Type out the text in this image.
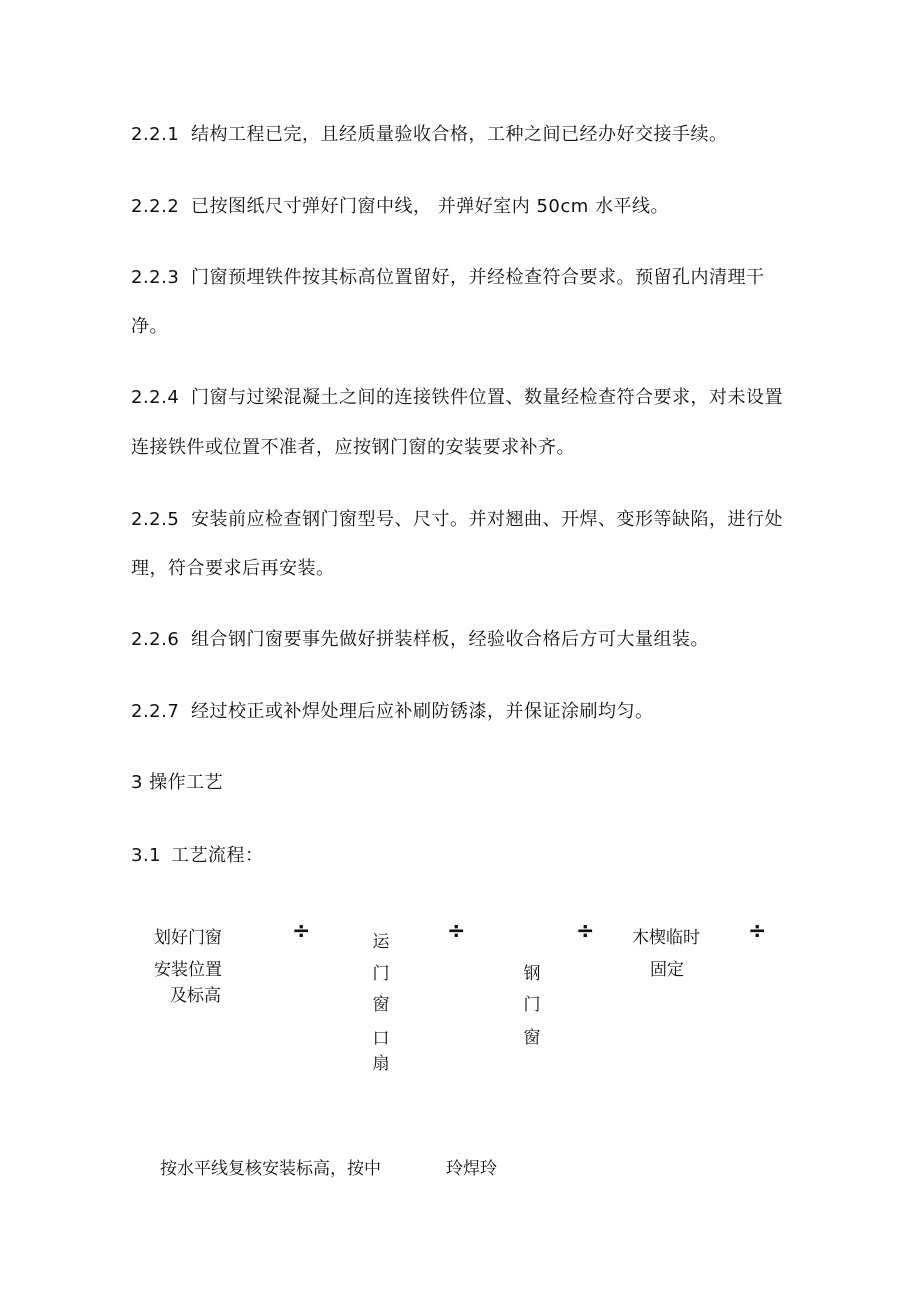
2.2.1 结构工程已完，且经质量验收合格，工种之间已经办好交接手续。
2.2.2 已按图纸尺寸弹好门窗中线， 并弹好室内 50cm 水平线。
2.2.3 门窗预埋铁件按其标高位置留好，并经检查符合要求。预留孔内清理干
净。
2.2.4 门窗与过梁混凝土之间的连接铁件位置、数量经检查符合要求，对未设置
连接铁件或位置不准者，应按钢门窗的安装要求补齐。
2.2.5 安装前应检查钢门窗型号、尺寸。并对翘曲、开焊、变形等缺陷，进行处
理，符合要求后再安装。
2.2.6 组合钢门窗要事先做好拼装样板，经验收合格后方可大量组装。
2.2.7 经过校正或补焊处理后应补刷防锈漆，并保证涂刷均匀。
3 操作工艺
3.1 工艺流程：
划好门窗
安装位置
及标高
÷	运
门
窗
口
扇
÷
钢
门
窗
÷ 木楔临时
固定
÷
按水平线复核安装标高，按中	玲焊玲
